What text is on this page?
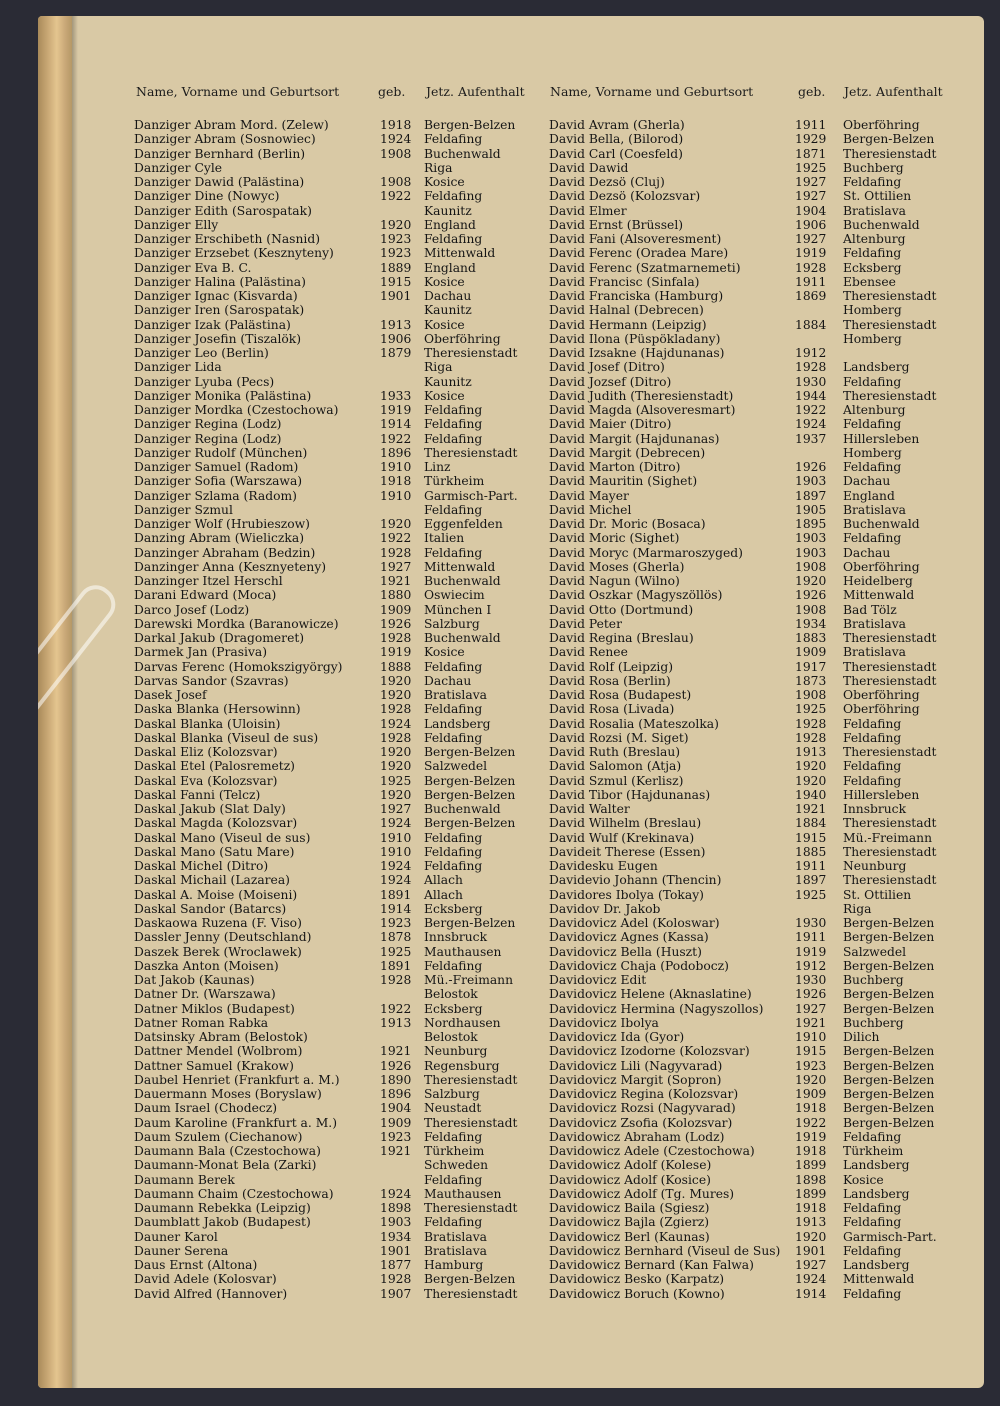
Name, Vorname und Geburtsort	geb. Jetz. Aufenthalt Name, Vorname und Geburtsort	geb. Jetz. Aufenthalt
Danziger Abram Mord. (Zelew)	1918 Bergen-Belzen
Danziger Abram (Sosnowiec)	1924 Feldafing
Danziger Bernhard (Berlin)	1908 Buchenwald
Danziger Cyle	Riga
Danziger Dawid (Palästina)	1908 Kosice
Danziger Dine (Nowyc)	1922 Feldafing
Danziger Edith (Sarospatak)	Kaunitz
Danziger Elly	1920 England
Danziger Erschibeth (Nasnid)	1923 Feldafing
Danziger Erzsebet (Kesznyteny)	1923 Mittenwald
Danziger Eva B. C.	1889 England
Danziger Halina (Palästina)	1915 Kosice
Danziger Ignac (Kisvarda)	1901 Dachau
Danziger Iren (Sarospatak)	Kaunitz
Danziger Izak (Palästina)	1913 Kosice
Danziger Josefin (Tiszalök)	1906 Oberföhring
Danziger Leo (Berlin)	1879 Theresienstadt
Danziger Lida	Riga
Danziger Lyuba (Pecs)	Kaunitz
Danziger Monika (Palästina)	1933 Kosice
Danziger Mordka (Czestochowa)	1919 Feldafing
Danziger Regina (Lodz)	1914 Feldafing
Danziger Regina (Lodz)	1922 Feldafing
Danziger Rudolf (München)	1896 Theresienstadt
Danziger Samuel (Radom)	1910 Linz
Danziger Sofia (Warszawa)	1918 Türkheim
Danziger Szlama (Radom)	1910 Garmisch-Part.
Danziger Szmul	Feldafing
Danziger Wolf (Hrubieszow)	1920 Eggenfelden
Danzing Abram (Wieliczka)	1922 Italien
Danzinger Abraham (Bedzin)	1928 Feldafing
Danzinger Anna (Kesznyeteny)	1927 Mittenwald
Danzinger Itzel Herschl	1921 Buchenwald
Darani Edward (Moca)	1880 Oswiecim
Darco Josef (Lodz)	1909 München I
Darewski Mordka (Baranowicze)	1926 Salzburg
Darkal Jakub (Dragomeret)	1928 Buchenwald
Darmek Jan (Prasiva)	1919 Kosice
Darvas Ferenc (Homokszigyörgy)	1888 Feldafing
Darvas Sandor (Szavras)	1920 Dachau
Dasek Josef	1920 Bratislava
Daska Blanka (Hersowinn)	1928 Feldafing
Daskal Blanka (Uloisin)	1924 Landsberg
Daskal Blanka (Viseul de sus)	1928 Feldafing
Daskal Eliz (Kolozsvar)	1920 Bergen-Belzen
Daskal Etel (Palosremetz)	1920 Salzwedel
Daskal Eva (Kolozsvar)	1925 Bergen-Belzen
Daskal Fanni (Telcz)	1920 Bergen-Belzen
Daskal Jakub (Slat Daly)	1927 Buchenwald
Daskal Magda (Kolozsvar)	1924 Bergen-Belzen
Daskal Mano (Viseul de sus)	1910 Feldafing
Daskal Mano (Satu Mare)	1910 Feldafing
Daskal Michel (Ditro)	1924 Feldafing
Daskal Michail (Lazarea)	1924 Allach
Daskal A. Moise (Moiseni)	1891 Allach
Daskal Sandor (Batarcs)	1914 Ecksberg
Daskaowa Ruzena (F. Viso)	1923 Bergen-Belzen
Dassler Jenny (Deutschland)	1878 Innsbruck
Daszek Berek (Wroclawek)	1925 Mauthausen
Daszka Anton (Moisen)	1891 Feldafing
Dat Jakob (Kaunas)	1928 Mü.-Freimann
Datner Dr. (Warszawa)	Belostok
Datner Miklos (Budapest)	1922 Ecksberg
Datner Roman Rabka	1913 Nordhausen
Datsinsky Abram (Belostok)	Belostok
Dattner Mendel (Wolbrom)	1921 Neunburg
Dattner Samuel (Krakow)	1926 Regensburg
Daubel Henriet (Frankfurt a. M.)	1890 Theresienstadt
Dauermann Moses (Boryslaw)	1896 Salzburg
Daum Israel (Chodecz)	1904 Neustadt
Daum Karoline (Frankfurt a. M.)	1909 Theresienstadt
Daum Szulem (Ciechanow)	1923 Feldafing
Daumann Bala (Czestochowa)	1921 Türkheim
Daumann-Monat Bela (Zarki)	Schweden
Daumann Berek	Feldafing
Daumann Chaim (Czestochowa)	1924 Mauthausen
Daumann Rebekka (Leipzig)	1898 Theresienstadt
Daumblatt Jakob (Budapest)	1903 Feldafing
Dauner Karol	1934 Bratislava
Dauner Serena	1901 Bratislava
Daus Ernst (Altona)	1877 Hamburg
David Adele (Kolosvar)	1928 Bergen-Belzen
David Alfred (Hannover)	1907 Theresienstadt
David Avram (Gherla)	1911 Oberföhring
David Bella, (Bilorod)	1929 Bergen-Belzen
David Carl (Coesfeld)	1871 Theresienstadt
David Dawid	1925 Buchberg
David Dezsö (Cluj)	1927 Feldafing
David Dezsö (Kolozsvar)	1927 St. Ottilien
David Elmer	1904 Bratislava
David Ernst (Brüssel)	1906 Buchenwald
David Fani (Alsoveresment)	1927 Altenburg
David Ferenc (Oradea Mare)	1919 Feldafing
David Ferenc (Szatmarnemeti)	1928 Ecksberg
David Francisc (Sinfala)	1911 Ebensee
David Franciska (Hamburg)	1869 Theresienstadt
David Halnal (Debrecen)	Homberg
David Hermann (Leipzig)	1884 Theresienstadt
David Ilona (Püspökladany)	Homberg
David Izsakne (Hajdunanas)	1912
David Josef (Ditro)	1928 Landsberg
David Jozsef (Ditro)	1930 Feldafing
David Judith (Theresienstadt)	1944 Theresienstadt
David Magda (Alsoveresmart)	1922 Altenburg
David Maier (Ditro)	1924 Feldafing
David Margit (Hajdunanas)	1937 Hillersleben
David Margit (Debrecen)	Homberg
David Marton (Ditro)	1926 Feldafing
David Mauritin (Sighet)	1903 Dachau
David Mayer	1897 England
David Michel	1905 Bratislava
David Dr. Moric (Bosaca)	1895 Buchenwald
David Moric (Sighet)	1903 Feldafing
David Moryc (Marmaroszyged)	1903 Dachau
David Moses (Gherla)	1908 Oberföhring
David Nagun (Wilno)	1920 Heidelberg
David Oszkar (Magyszöllös)	1926 Mittenwald
David Otto (Dortmund)	1908 Bad Tölz
David Peter	1934 Bratislava
David Regina (Breslau)	1883 Theresienstadt
David Renee	1909 Bratislava
David Rolf (Leipzig)	1917 Theresienstadt
David Rosa (Berlin)	1873 Theresienstadt
David Rosa (Budapest)	1908 Oberföhring
David Rosa (Livada)	1925 Oberföhring
David Rosalia (Mateszolka)	1928 Feldafing
David Rozsi (M. Siget)	1928 Feldafing
David Ruth (Breslau)	1913 Theresienstadt
David Salomon (Atja)	1920 Feldafing
David Szmul (Kerlisz)	1920 Feldafing
David Tibor (Hajdunanas)	1940 Hillersleben
David Walter	1921 Innsbruck
David Wilhelm (Breslau)	1884 Theresienstadt
David Wulf (Krekinava)	1915 Mü.-Freimann
Davideit Therese (Essen)	1885 Theresienstadt
Davidesku Eugen	1911 Neunburg
Davidevio Johann (Thencin)	1897 Theresienstadt
Davidores Ibolya (Tokay)	1925 St. Ottilien
Davidov Dr. Jakob	Riga
Davidovicz Adel (Koloswar)	1930 Bergen-Belzen
Davidovicz Agnes (Kassa)	1911 Bergen-Belzen
Davidovicz Bella (Huszt)	1919 Salzwedel
Davidovicz Chaja (Podobocz)	1912 Bergen-Belzen
Davidovicz Edit	1930 Buchberg
Davidovicz Helene (Aknaslatine)	1926 Bergen-Belzen
Davidovicz Hermina (Nagyszollos)	1927 Bergen-Belzen
Davidovicz Ibolya	1921 Buchberg
Davidovicz Ida (Gyor)	1910 Dilich
Davidovicz Izodorne (Kolozsvar)	1915 Bergen-Belzen
Davidovicz Lili (Nagyvarad)	1923 Bergen-Belzen
Davidovicz Margit (Sopron)	1920 Bergen-Belzen
Davidovicz Regina (Kolozsvar)	1909 Bergen-Belzen
Davidovicz Rozsi (Nagyvarad)	1918 Bergen-Belzen
Davidovicz Zsofia (Kolozsvar)	1922 Bergen-Belzen
Davidowicz Abraham (Lodz)	1919 Feldafing
Davidowicz Adele (Czestochowa)	1918 Türkheim
Davidowicz Adolf (Kolese)	1899 Landsberg
Davidowicz Adolf (Kosice)	1898 Kosice
Davidowicz Adolf (Tg. Mures)	1899 Landsberg
Davidowicz Baila (Sgiesz)	1918 Feldafing
Davidowicz Bajla (Zgierz)	1913 Feldafing
Davidowicz Berl (Kaunas)	1920 Garmisch-Part.
Davidowicz Bernhard (Viseul de Sus) 1901 Feldafing
Davidowicz Bernard (Kan Falwa)	1927 Landsberg
Davidowicz Besko (Karpatz)	1924 Mittenwald
Davidowicz Boruch (Kowno)	1914 Feldafing
